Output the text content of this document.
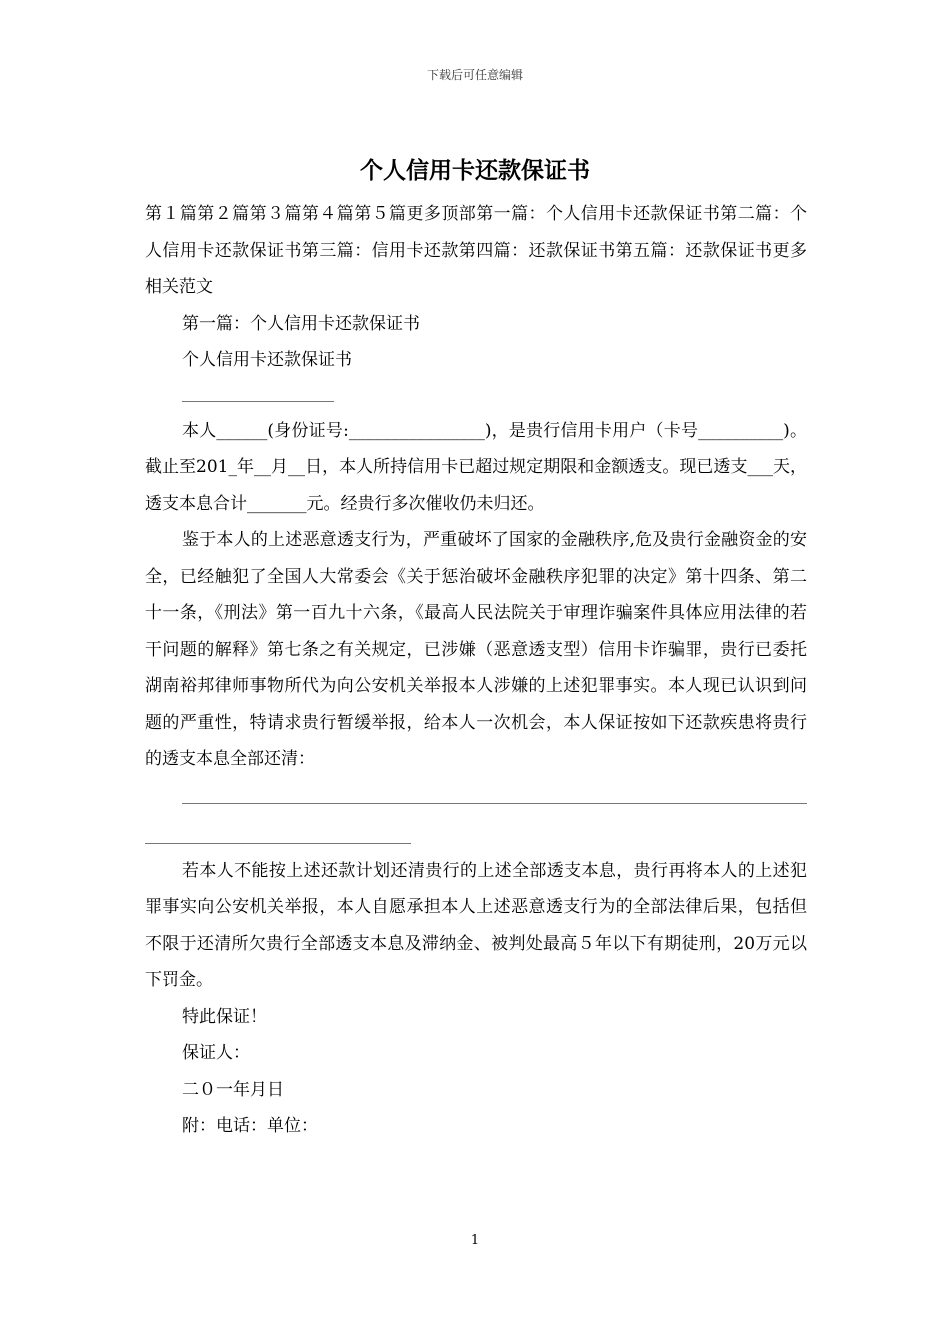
下载后可任意编辑
个人信用卡还款保证书

第１篇第２篇第３篇第４篇第５篇更多顶部第一篇：个人信用卡还款保证书第二篇：个人信用卡还款保证书第三篇：信用卡还款第四篇：还款保证书第五篇：还款保证书更多相关范文

第一篇：个人信用卡还款保证书

个人信用卡还款保证书

本人______(身份证号:________________)，是贵行信用卡用户（卡号__________)。截止至201_年__月__日，本人所持信用卡已超过规定期限和金额透支。现已透支___天，透支本息合计_______元。经贵行多次催收仍未归还。

鉴于本人的上述恶意透支行为，严重破坏了国家的金融秩序,危及贵行金融资金的安全，已经触犯了全国人大常委会《关于惩治破坏金融秩序犯罪的决定》第十四条、第二十一条，《刑法》第一百九十六条，《最高人民法院关于审理诈骗案件具体应用法律的若干问题的解释》第七条之有关规定，已涉嫌（恶意透支型）信用卡诈骗罪，贵行已委托湖南裕邦律师事物所代为向公安机关举报本人涉嫌的上述犯罪事实。本人现已认识到问题的严重性，特请求贵行暂缓举报，给本人一次机会，本人保证按如下还款疾患将贵行的透支本息全部还清：

若本人不能按上述还款计划还清贵行的上述全部透支本息，贵行再将本人的上述犯罪事实向公安机关举报，本人自愿承担本人上述恶意透支行为的全部法律后果，包括但不限于还清所欠贵行全部透支本息及滞纳金、被判处最高５年以下有期徒刑，20万元以下罚金。

特此保证！

保证人：

二０一年月日

附：电话：单位：

1
